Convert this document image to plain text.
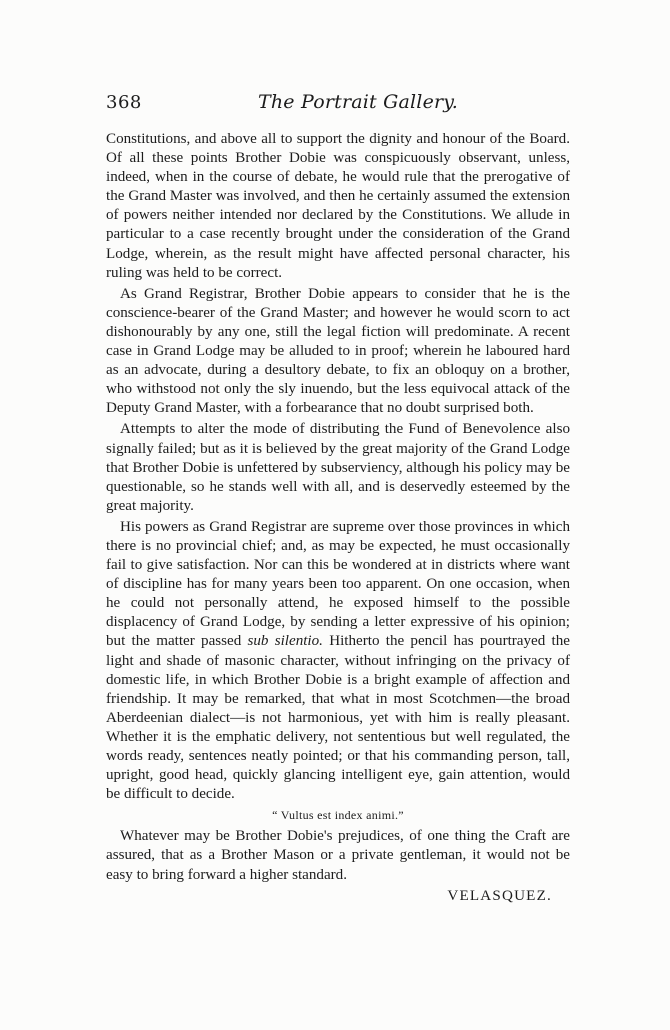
368	The Portrait Gallery.

Constitutions, and above all to support the dignity and honour of the Board. Of all these points Brother Dobie was conspicuously observant, unless, indeed, when in the course of debate, he would rule that the prerogative of the Grand Master was involved, and then he certainly assumed the extension of powers neither intended nor declared by the Constitutions. We allude in particular to a case recently brought under the consideration of the Grand Lodge, wherein, as the result might have affected personal character, his ruling was held to be correct.

As Grand Registrar, Brother Dobie appears to consider that he is the conscience-bearer of the Grand Master; and however he would scorn to act dishonourably by any one, still the legal fiction will predominate. A recent case in Grand Lodge may be alluded to in proof; wherein he laboured hard as an advocate, during a desultory debate, to fix an obloquy on a brother, who withstood not only the sly inuendo, but the less equivocal attack of the Deputy Grand Master, with a forbearance that no doubt surprised both.

Attempts to alter the mode of distributing the Fund of Benevolence also signally failed; but as it is believed by the great majority of the Grand Lodge that Brother Dobie is unfettered by subserviency, although his policy may be questionable, so he stands well with all, and is deservedly esteemed by the great majority.

His powers as Grand Registrar are supreme over those provinces in which there is no provincial chief; and, as may be expected, he must occasionally fail to give satisfaction. Nor can this be wondered at in districts where want of discipline has for many years been too apparent. On one occasion, when he could not personally attend, he exposed himself to the possible displacency of Grand Lodge, by sending a letter expressive of his opinion; but the matter passed sub silentio. Hitherto the pencil has pourtrayed the light and shade of masonic character, without infringing on the privacy of domestic life, in which Brother Dobie is a bright example of affection and friendship. It may be remarked, that what in most Scotchmen—the broad Aberdeenian dialect—is not harmonious, yet with him is really pleasant. Whether it is the emphatic delivery, not sententious but well regulated, the words ready, sentences neatly pointed; or that his commanding person, tall, upright, good head, quickly glancing intelligent eye, gain attention, would be difficult to decide.

“ Vultus est index animi.”

Whatever may be Brother Dobie's prejudices, of one thing the Craft are assured, that as a Brother Mason or a private gentleman, it would not be easy to bring forward a higher standard.

VELASQUEZ.
